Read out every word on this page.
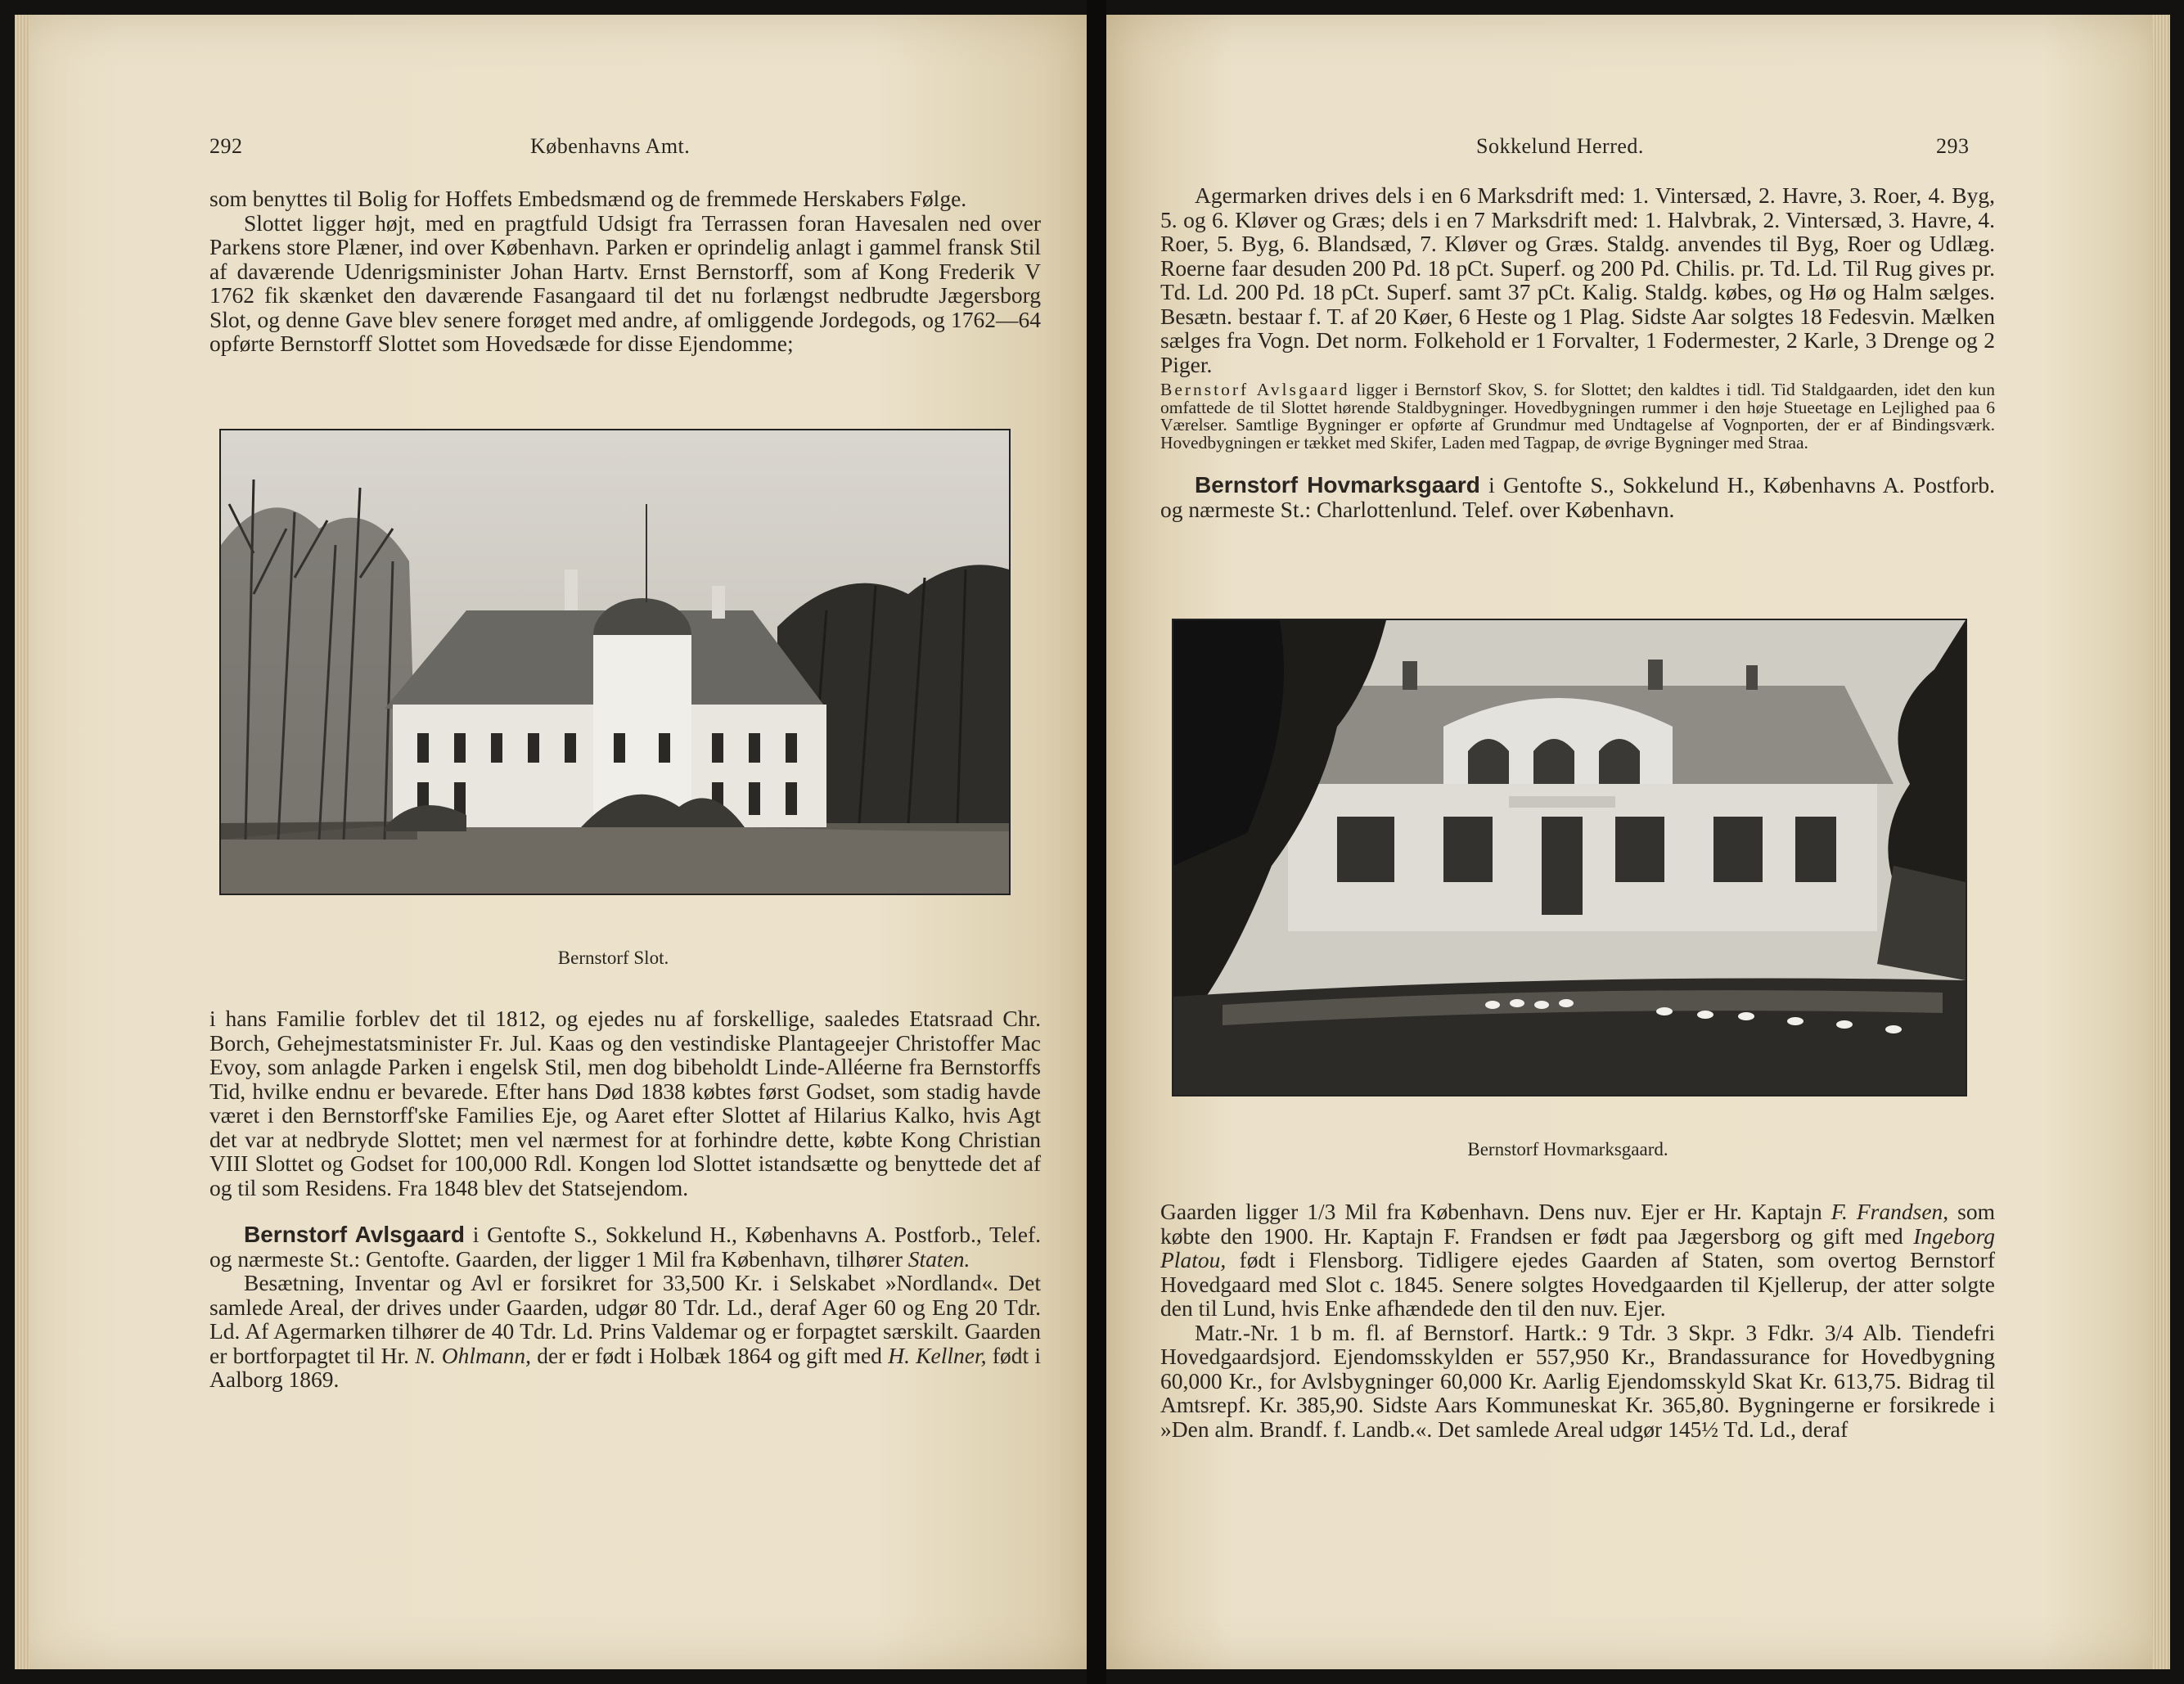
292	Københavns Amt.

som benyttes til Bolig for Hoffets Embedsmænd og de fremmede Herskabers Følge.

Slottet ligger højt, med en pragtfuld Udsigt fra Terrassen foran Havesalen ned over Parkens store Plæner, ind over København. Parken er oprindelig anlagt i gammel fransk Stil af daværende Udenrigsminister Johan Hartv. Ernst Bernstorff, som af Kong Frederik V 1762 fik skænket den daværende Fasangaard til det nu forlængst nedbrudte Jægersborg Slot, og denne Gave blev senere forøget med andre, af omliggende Jordegods, og 1762—64 opførte Bernstorff Slottet som Hovedsæde for disse Ejendomme;

Bernstorf Slot.

i hans Familie forblev det til 1812, og ejedes nu af forskellige, saaledes Etatsraad Chr. Borch, Gehejmestatsminister Fr. Jul. Kaas og den vestindiske Plantageejer Christoffer Mac Evoy, som anlagde Parken i engelsk Stil, men dog bibeholdt Linde-Alléerne fra Bernstorffs Tid, hvilke endnu er bevarede. Efter hans Død 1838 købtes først Godset, som stadig havde været i den Bernstorff'ske Families Eje, og Aaret efter Slottet af Hilarius Kalko, hvis Agt det var at nedbryde Slottet; men vel nærmest for at forhindre dette, købte Kong Christian VIII Slottet og Godset for 100,000 Rdl. Kongen lod Slottet istandsætte og benyttede det af og til som Residens. Fra 1848 blev det Statsejendom.

Bernstorf Avlsgaard i Gentofte S., Sokkelund H., Københavns A. Postforb., Telef. og nærmeste St.: Gentofte. Gaarden, der ligger 1 Mil fra København, tilhører Staten.

Besætning, Inventar og Avl er forsikret for 33,500 Kr. i Selskabet »Nordland«. Det samlede Areal, der drives under Gaarden, udgør 80 Tdr. Ld., deraf Ager 60 og Eng 20 Tdr. Ld. Af Agermarken tilhører de 40 Tdr. Ld. Prins Valdemar og er forpagtet særskilt. Gaarden er bortforpagtet til Hr. N. Ohlmann, der er født i Holbæk 1864 og gift med H. Kellner, født i Aalborg 1869.

Sokkelund Herred.	293

Agermarken drives dels i en 6 Marksdrift med: 1. Vintersæd, 2. Havre, 3. Roer, 4. Byg, 5. og 6. Kløver og Græs; dels i en 7 Marksdrift med: 1. Halvbrak, 2. Vintersæd, 3. Havre, 4. Roer, 5. Byg, 6. Blandsæd, 7. Kløver og Græs. Staldg. anvendes til Byg, Roer og Udlæg. Roerne faar desuden 200 Pd. 18 pCt. Superf. og 200 Pd. Chilis. pr. Td. Ld. Til Rug gives pr. Td. Ld. 200 Pd. 18 pCt. Superf. samt 37 pCt. Kalig. Staldg. købes, og Hø og Halm sælges. Besætn. bestaar f. T. af 20 Køer, 6 Heste og 1 Plag. Sidste Aar solgtes 18 Fedesvin. Mælken sælges fra Vogn. Det norm. Folkehold er 1 Forvalter, 1 Fodermester, 2 Karle, 3 Drenge og 2 Piger.

Bernstorf Avlsgaard ligger i Bernstorf Skov, S. for Slottet; den kaldtes i tidl. Tid Staldgaarden, idet den kun omfattede de til Slottet hørende Staldbygninger. Hovedbygningen rummer i den høje Stueetage en Lejlighed paa 6 Værelser. Samtlige Bygninger er opførte af Grundmur med Undtagelse af Vognporten, der er af Bindingsværk. Hovedbygningen er tækket med Skifer, Laden med Tagpap, de øvrige Bygninger med Straa.

Bernstorf Hovmarksgaard i Gentofte S., Sokkelund H., Københavns A. Postforb. og nærmeste St.: Charlottenlund. Telef. over København.

Bernstorf Hovmarksgaard.

Gaarden ligger 1/3 Mil fra København. Dens nuv. Ejer er Hr. Kaptajn F. Frandsen, som købte den 1900. Hr. Kaptajn F. Frandsen er født paa Jægersborg og gift med Ingeborg Platou, født i Flensborg. Tidligere ejedes Gaarden af Staten, som overtog Bernstorf Hovedgaard med Slot c. 1845. Senere solgtes Hovedgaarden til Kjellerup, der atter solgte den til Lund, hvis Enke afhændede den til den nuv. Ejer.

Matr.-Nr. 1 b m. fl. af Bernstorf. Hartk.: 9 Tdr. 3 Skpr. 3 Fdkr. 3/4 Alb. Tiendefri Hovedgaardsjord. Ejendomsskylden er 557,950 Kr., Brandassurance for Hovedbygning 60,000 Kr., for Avlsbygninger 60,000 Kr. Aarlig Ejendomsskyld Skat Kr. 613,75. Bidrag til Amtsrepf. Kr. 385,90. Sidste Aars Kommuneskat Kr. 365,80. Bygningerne er forsikrede i »Den alm. Brandf. f. Landb.«. Det samlede Areal udgør 145½ Td. Ld., deraf
